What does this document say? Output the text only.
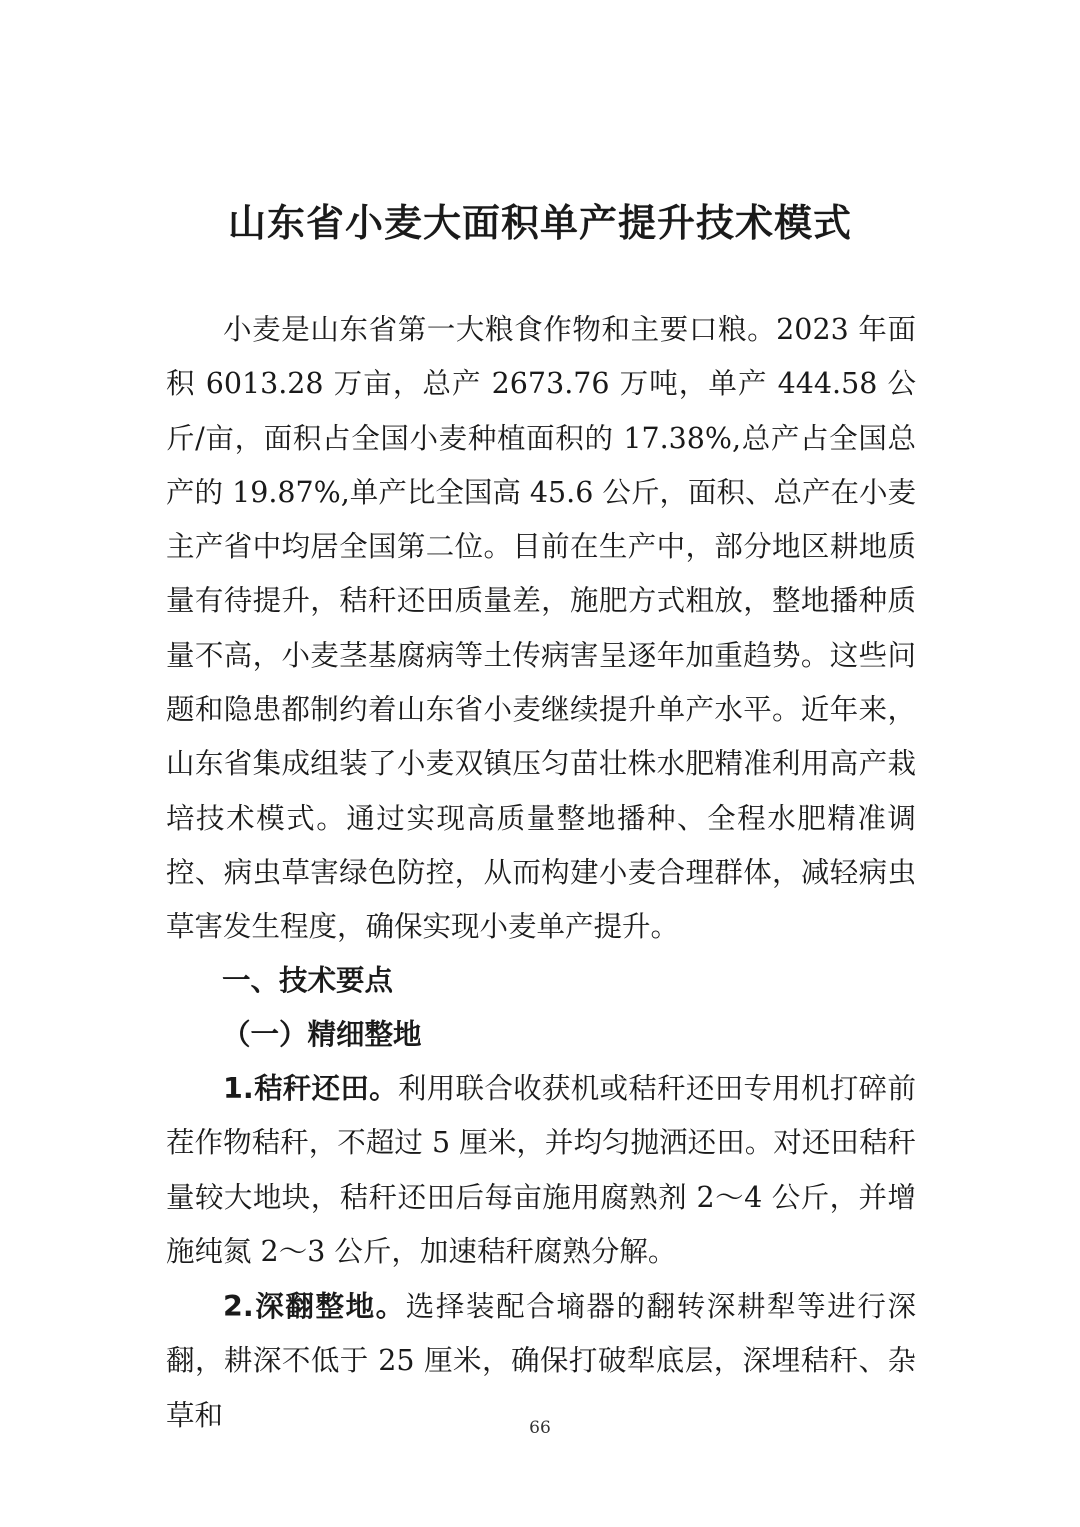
山东省小麦大面积单产提升技术模式

小麦是山东省第一大粮食作物和主要口粮。2023 年面积 6013.28 万亩，总产 2673.76 万吨，单产 444.58 公斤/亩，面积占全国小麦种植面积的 17.38%,总产占全国总产的 19.87%,单产比全国高 45.6 公斤，面积、总产在小麦主产省中均居全国第二位。目前在生产中，部分地区耕地质量有待提升，秸秆还田质量差，施肥方式粗放，整地播种质量不高，小麦茎基腐病等土传病害呈逐年加重趋势。这些问题和隐患都制约着山东省小麦继续提升单产水平。近年来，山东省集成组装了小麦双镇压匀苗壮株水肥精准利用高产栽培技术模式。通过实现高质量整地播种、全程水肥精准调控、病虫草害绿色防控，从而构建小麦合理群体，减轻病虫草害发生程度，确保实现小麦单产提升。

一、技术要点
（一）精细整地

1.秸秆还田。利用联合收获机或秸秆还田专用机打碎前茬作物秸秆，不超过 5 厘米，并均匀抛洒还田。对还田秸秆量较大地块，秸秆还田后每亩施用腐熟剂 2～4 公斤，并增施纯氮 2～3 公斤，加速秸秆腐熟分解。

2.深翻整地。选择装配合墒器的翻转深耕犁等进行深翻，耕深不低于 25 厘米，确保打破犁底层，深埋秸秆、杂草和	66
